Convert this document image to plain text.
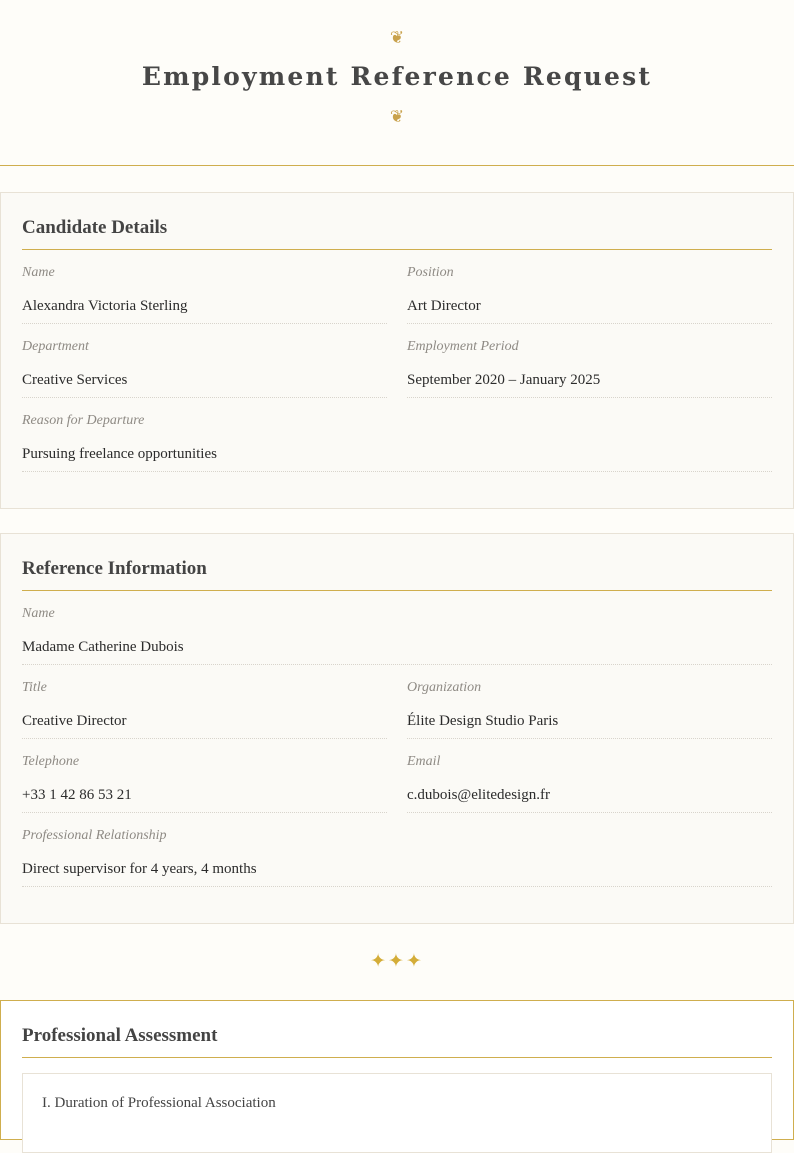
❦
Employment Reference Request
❦
Candidate Details
Name
Alexandra Victoria Sterling
Position
Art Director
Department
Creative Services
Employment Period
September 2020 – January 2025
Reason for Departure
Pursuing freelance opportunities
Reference Information
Name
Madame Catherine Dubois
Title
Creative Director
Organization
Élite Design Studio Paris
Telephone
+33 1 42 86 53 21
Email
c.dubois@elitedesign.fr
Professional Relationship
Direct supervisor for 4 years, 4 months
✦✦✦
Professional Assessment
I. Duration of Professional Association
